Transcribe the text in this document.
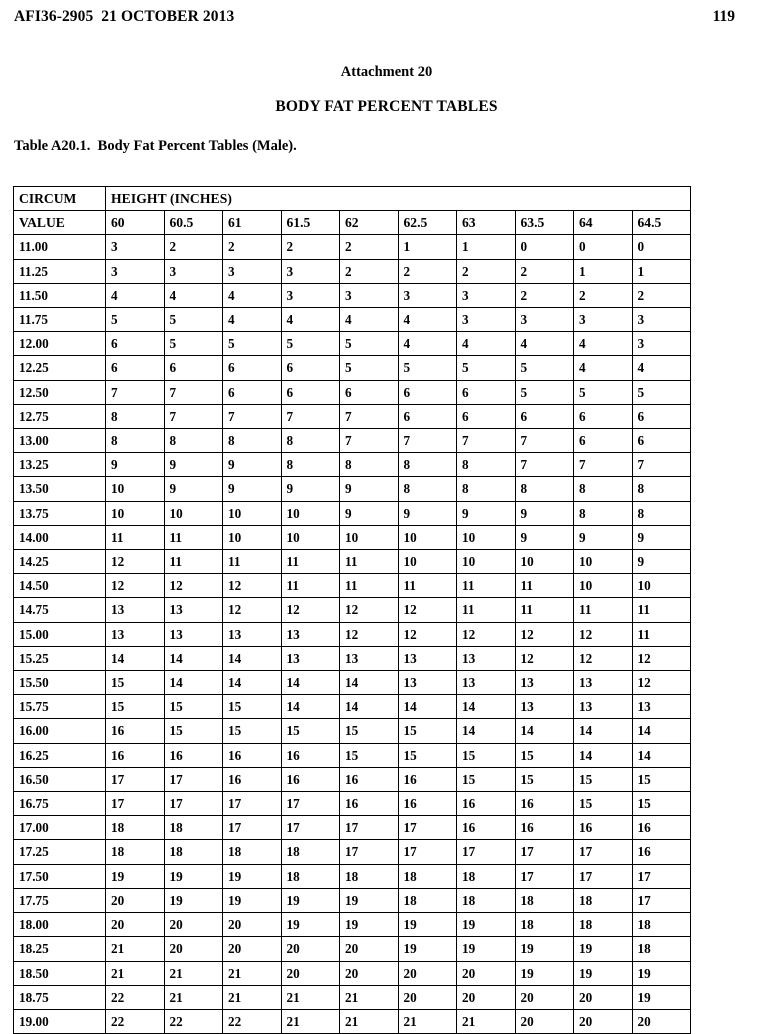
AFI36-2905  21 OCTOBER 2013	119
Attachment 20
BODY FAT PERCENT TABLES
Table A20.1.  Body Fat Percent Tables (Male).
CIRCUM	HEIGHT (INCHES)									
VALUE	60	60.5	61	61.5	62	62.5	63	63.5	64	64.5
11.00	3	2	2	2	2	1	1	0	0	0
11.25	3	3	3	3	2	2	2	2	1	1
11.50	4	4	4	3	3	3	3	2	2	2
11.75	5	5	4	4	4	4	3	3	3	3
12.00	6	5	5	5	5	4	4	4	4	3
12.25	6	6	6	6	5	5	5	5	4	4
12.50	7	7	6	6	6	6	6	5	5	5
12.75	8	7	7	7	7	6	6	6	6	6
13.00	8	8	8	8	7	7	7	7	6	6
13.25	9	9	9	8	8	8	8	7	7	7
13.50	10	9	9	9	9	8	8	8	8	8
13.75	10	10	10	10	9	9	9	9	8	8
14.00	11	11	10	10	10	10	10	9	9	9
14.25	12	11	11	11	11	10	10	10	10	9
14.50	12	12	12	11	11	11	11	11	10	10
14.75	13	13	12	12	12	12	11	11	11	11
15.00	13	13	13	13	12	12	12	12	12	11
15.25	14	14	14	13	13	13	13	12	12	12
15.50	15	14	14	14	14	13	13	13	13	12
15.75	15	15	15	14	14	14	14	13	13	13
16.00	16	15	15	15	15	15	14	14	14	14
16.25	16	16	16	16	15	15	15	15	14	14
16.50	17	17	16	16	16	16	15	15	15	15
16.75	17	17	17	17	16	16	16	16	15	15
17.00	18	18	17	17	17	17	16	16	16	16
17.25	18	18	18	18	17	17	17	17	17	16
17.50	19	19	19	18	18	18	18	17	17	17
17.75	20	19	19	19	19	18	18	18	18	17
18.00	20	20	20	19	19	19	19	18	18	18
18.25	21	20	20	20	20	19	19	19	19	18
18.50	21	21	21	20	20	20	20	19	19	19
18.75	22	21	21	21	21	20	20	20	20	19
19.00	22	22	22	21	21	21	21	20	20	20
